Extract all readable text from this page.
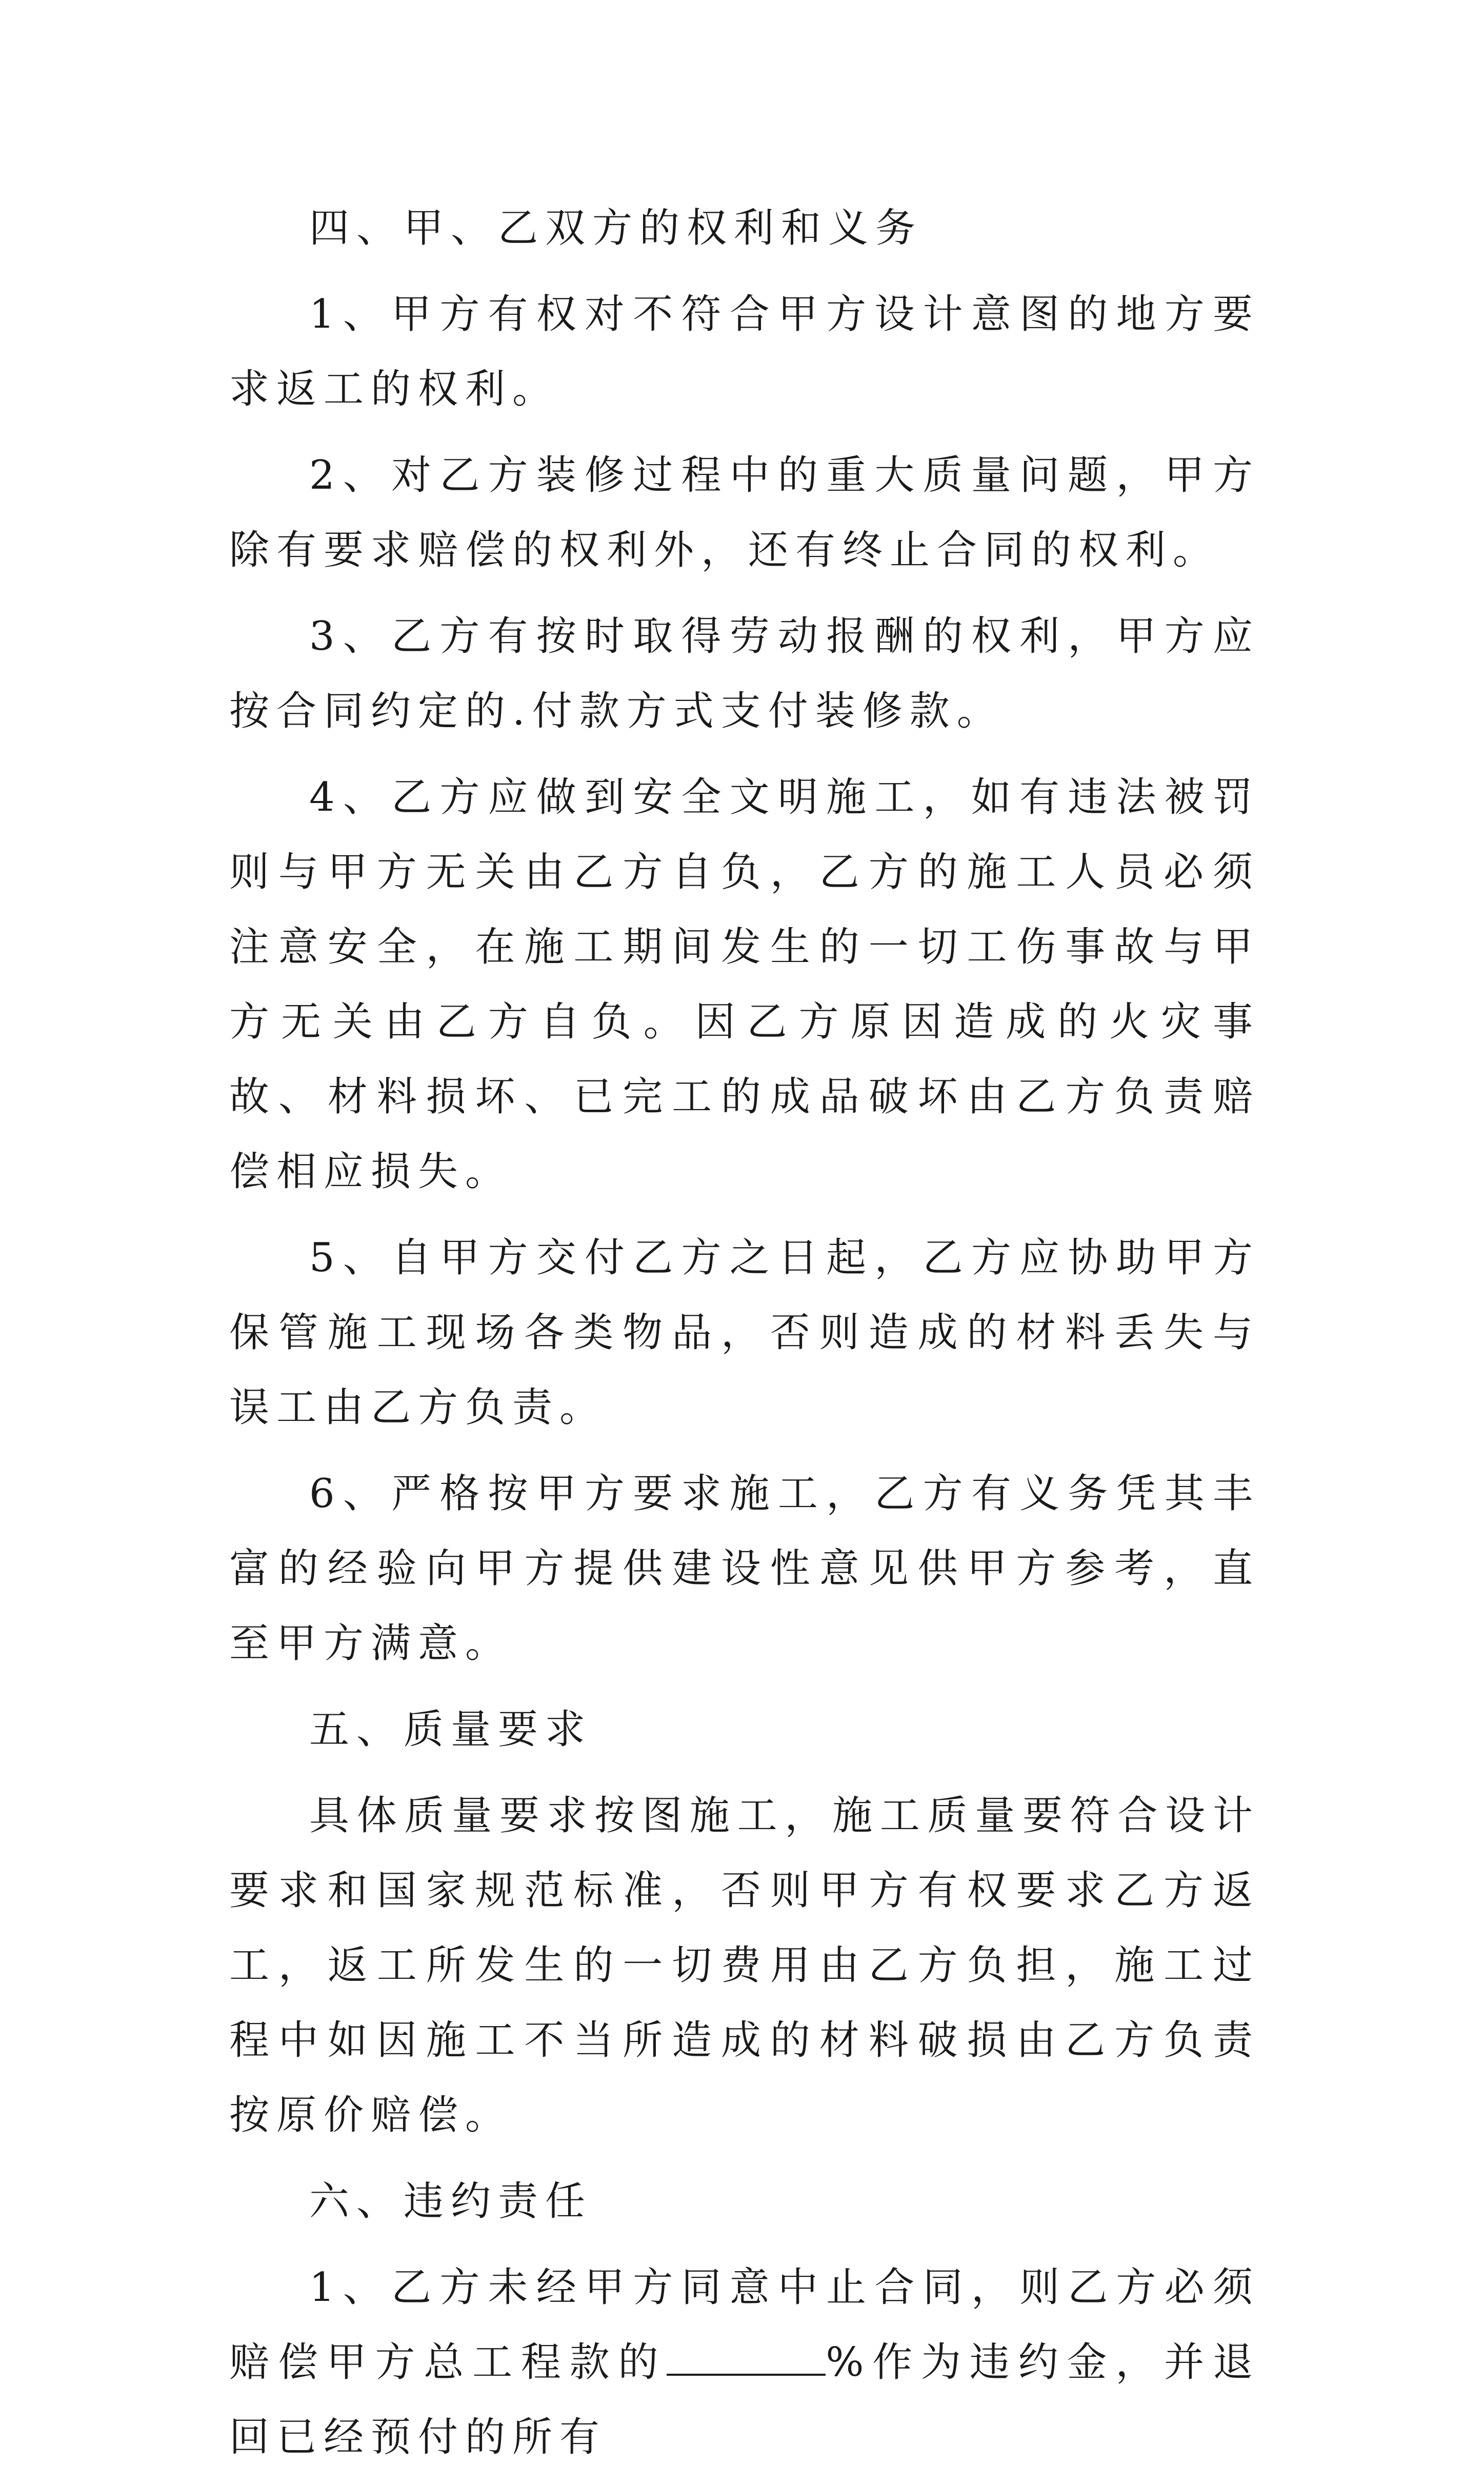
四、甲、乙双方的权利和义务

1、甲方有权对不符合甲方设计意图的地方要求返工的权利。

2、对乙方装修过程中的重大质量问题，甲方除有要求赔偿的权利外，还有终止合同的权利。

3、乙方有按时取得劳动报酬的权利，甲方应按合同约定的.付款方式支付装修款。

4、乙方应做到安全文明施工，如有违法被罚则与甲方无关由乙方自负，乙方的施工人员必须注意安全，在施工期间发生的一切工伤事故与甲方无关由乙方自负。因乙方原因造成的火灾事故、材料损坏、已完工的成品破坏由乙方负责赔偿相应损失。

5、自甲方交付乙方之日起，乙方应协助甲方保管施工现场各类物品，否则造成的材料丢失与误工由乙方负责。

6、严格按甲方要求施工，乙方有义务凭其丰富的经验向甲方提供建设性意见供甲方参考，直至甲方满意。

五、质量要求

具体质量要求按图施工，施工质量要符合设计要求和国家规范标准，否则甲方有权要求乙方返工，返工所发生的一切费用由乙方负担，施工过程中如因施工不当所造成的材料破损由乙方负责按原价赔偿。

六、违约责任

1、乙方未经甲方同意中止合同，则乙方必须赔偿甲方总工程款的	%作为违约金，并退回已经预付的所有
